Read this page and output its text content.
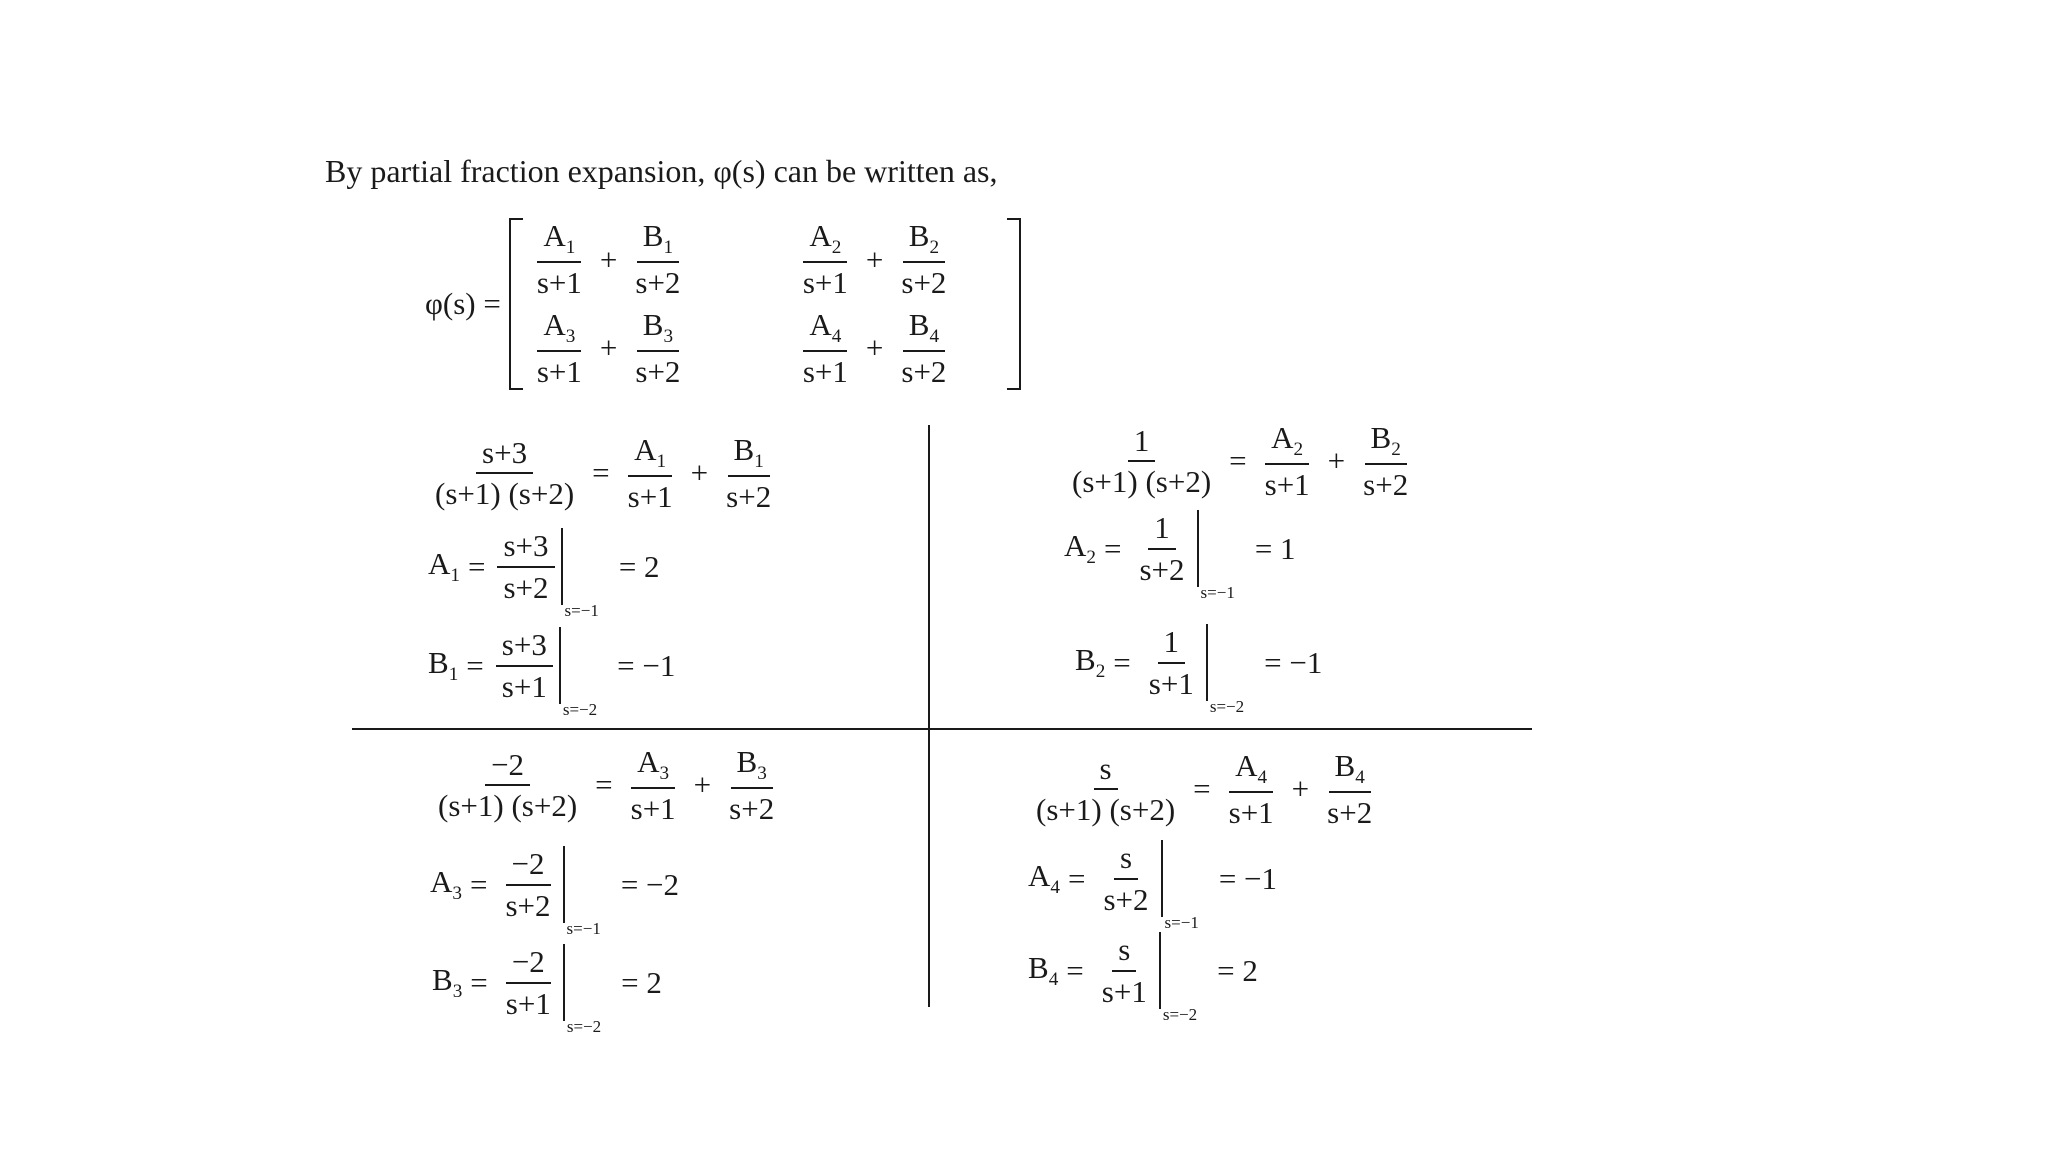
By partial fraction expansion, φ(s) can be written as,
φ(s) =
$\frac{A_1}{s+1} + \frac{B_1}{s+2}$	$\frac{A_2}{s+1} + \frac{B_2}{s+2}$
$\frac{A_3}{s+1} + \frac{B_3}{s+2}$	$\frac{A_4}{s+1} + \frac{B_4}{s+2}$
$\frac{s+3}{(s+1) (s+2)} = \frac{A_1}{s+1} + \frac{B_1}{s+2}$
$A_1 = \frac{s+3}{s+2}$
s=−1
= 2
$B_1 = \frac{s+3}{s+1}$
s=−2
= −1
$\frac{1}{(s+1) (s+2)} = \frac{A_2}{s+1} + \frac{B_2}{s+2}$
$A_2 = \frac{1}{s+2}$
s=−1
= 1
$B_2 = \frac{1}{s+1}$
s=−2
= −1
$\frac{-2}{(s+1) (s+2)} = \frac{A_3}{s+1} + \frac{B_3}{s+2}$
$A_3 = \frac{-2}{s+2}$
s=−1
= −2
$B_3 = \frac{-2}{s+1}$
s=−2
= 2
$\frac{s}{(s+1) (s+2)} = \frac{A_4}{s+1} + \frac{B_4}{s+2}$
$A_4 = \frac{s}{s+2}$
s=−1
= −1
$B_4 = \frac{s}{s+1}$
s=−2
= 2
